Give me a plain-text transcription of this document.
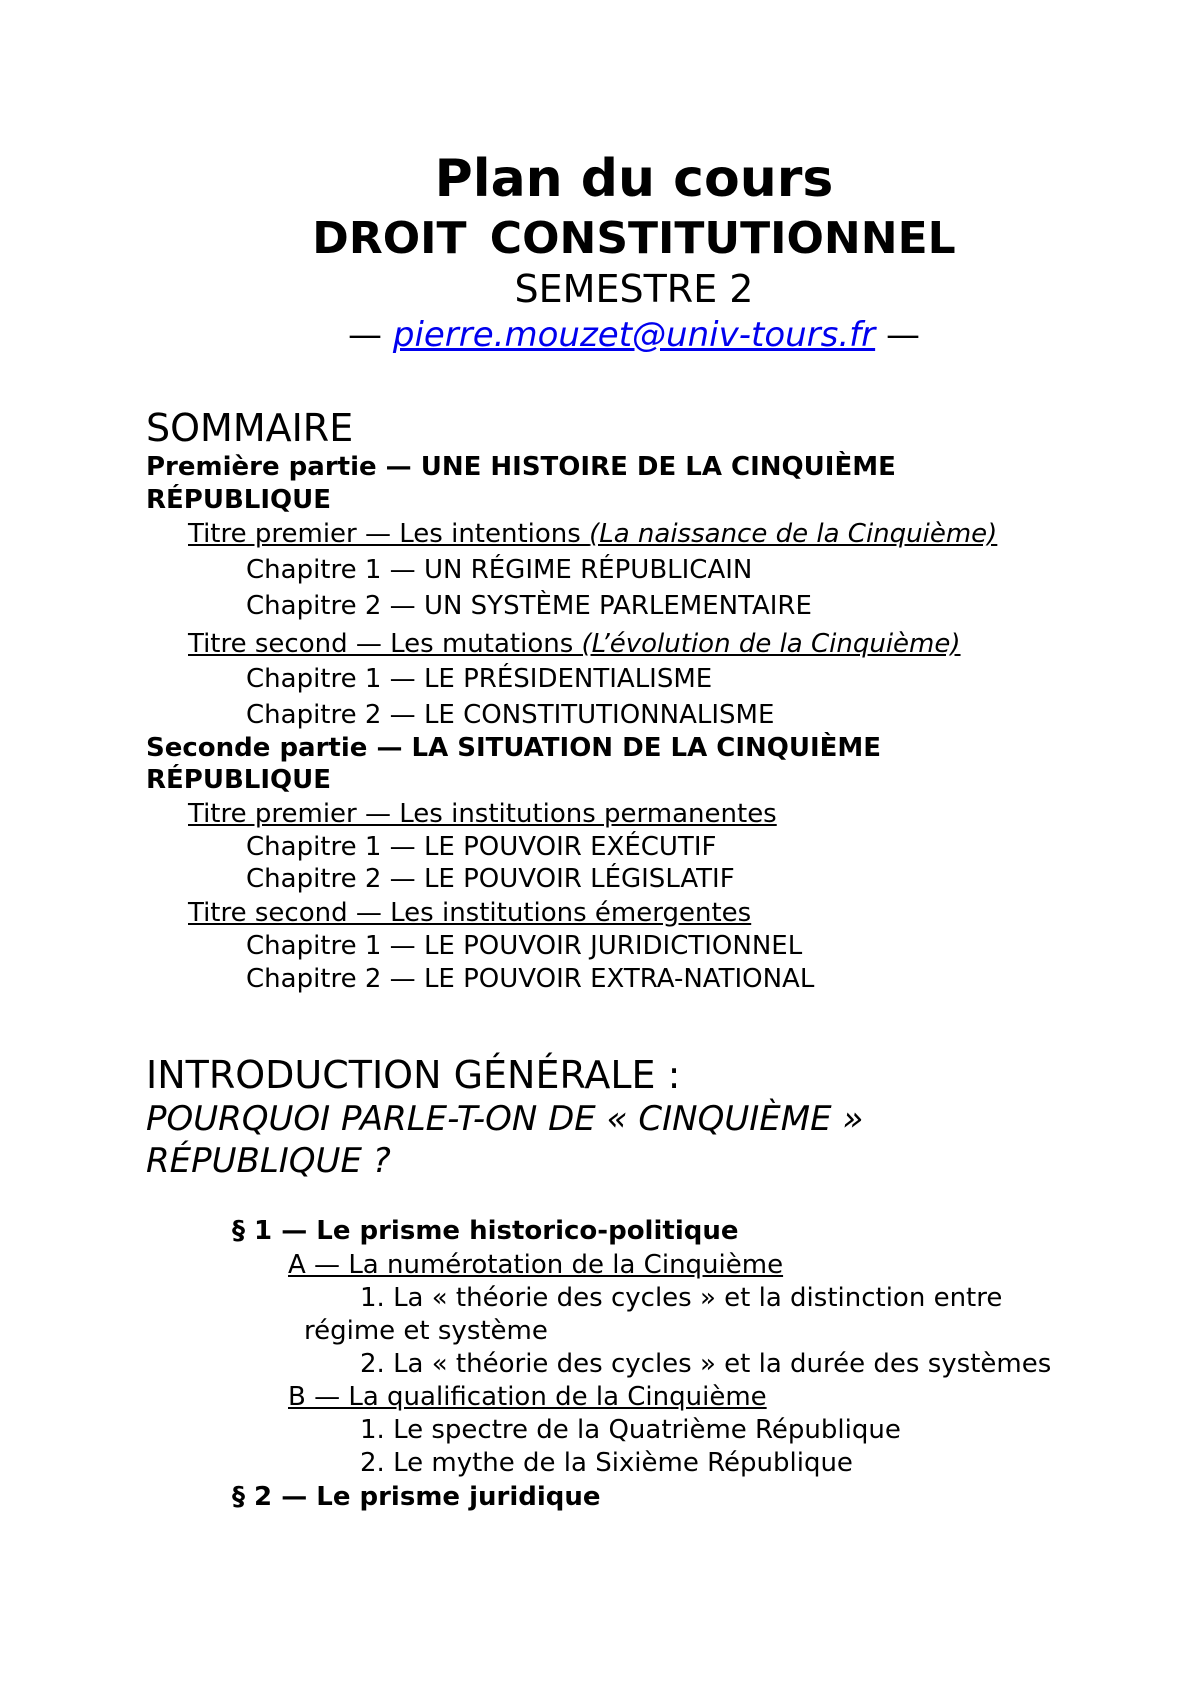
Plan du cours
DROIT CONSTITUTIONNEL
SEMESTRE 2
— pierre.mouzet@univ-tours.fr —
SOMMAIRE
Première partie — UNE HISTOIRE DE LA CINQUIÈME
RÉPUBLIQUE
Titre premier — Les intentions (La naissance de la Cinquième)
Chapitre 1 — UN RÉGIME RÉPUBLICAIN
Chapitre 2 — UN SYSTÈME PARLEMENTAIRE
Titre second — Les mutations (L’évolution de la Cinquième)
Chapitre 1 — LE PRÉSIDENTIALISME
Chapitre 2 — LE CONSTITUTIONNALISME
Seconde partie — LA SITUATION DE LA CINQUIÈME
RÉPUBLIQUE
Titre premier — Les institutions permanentes
Chapitre 1 — LE POUVOIR EXÉCUTIF
Chapitre 2 — LE POUVOIR LÉGISLATIF
Titre second — Les institutions émergentes
Chapitre 1 — LE POUVOIR JURIDICTIONNEL
Chapitre 2 — LE POUVOIR EXTRA-NATIONAL
INTRODUCTION GÉNÉRALE :
POURQUOI PARLE-T-ON DE « CINQUIÈME »
RÉPUBLIQUE ?
§ 1 — Le prisme historico-politique
A — La numérotation de la Cinquième
1. La « théorie des cycles » et la distinction entre
régime et système
2. La « théorie des cycles » et la durée des systèmes
B — La qualification de la Cinquième
1. Le spectre de la Quatrième République
2. Le mythe de la Sixième République
§ 2 — Le prisme juridique
